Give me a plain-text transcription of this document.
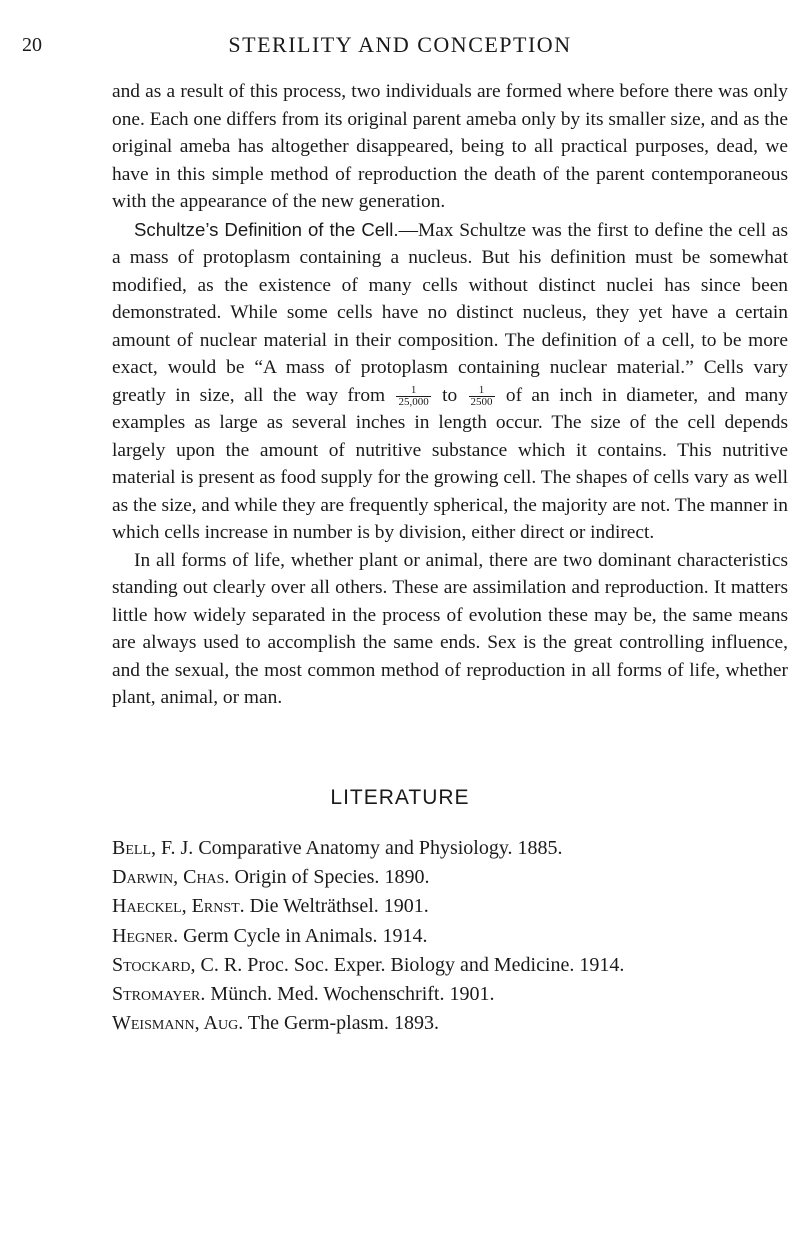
20	STERILITY AND CONCEPTION

and as a result of this process, two individuals are formed where before there was only one. Each one differs from its original parent ameba only by its smaller size, and as the original ameba has altogether disappeared, being to all practical purposes, dead, we have in this simple method of reproduction the death of the parent contemporaneous with the appearance of the new generation.

Schultze’s Definition of the Cell.—Max Schultze was the first to define the cell as a mass of protoplasm containing a nucleus. But his definition must be somewhat modified, as the existence of many cells without distinct nuclei has since been demonstrated. While some cells have no distinct nucleus, they yet have a certain amount of nuclear material in their composition. The definition of a cell, to be more exact, would be “A mass of protoplasm containing nuclear material.” Cells vary greatly in size, all the way from $\frac{1}{25,000}$ to $\frac{1}{2500}$ of an inch in diameter, and many examples as large as several inches in length occur. The size of the cell depends largely upon the amount of nutritive substance which it contains. This nutritive material is present as food supply for the growing cell. The shapes of cells vary as well as the size, and while they are frequently spherical, the majority are not. The manner in which cells increase in number is by division, either direct or indirect.

In all forms of life, whether plant or animal, there are two dominant characteristics standing out clearly over all others. These are assimilation and reproduction. It matters little how widely separated in the process of evolution these may be, the same means are always used to accomplish the same ends. Sex is the great controlling influence, and the sexual, the most common method of reproduction in all forms of life, whether plant, animal, or man.

LITERATURE
Bell, F. J. Comparative Anatomy and Physiology. 1885.
Darwin, Chas. Origin of Species. 1890.
Haeckel, Ernst. Die Welträthsel. 1901.
Hegner. Germ Cycle in Animals. 1914.
Stockard, C. R. Proc. Soc. Exper. Biology and Medicine. 1914.
Stromayer. Münch. Med. Wochenschrift. 1901.
Weismann, Aug. The Germ-plasm. 1893.
